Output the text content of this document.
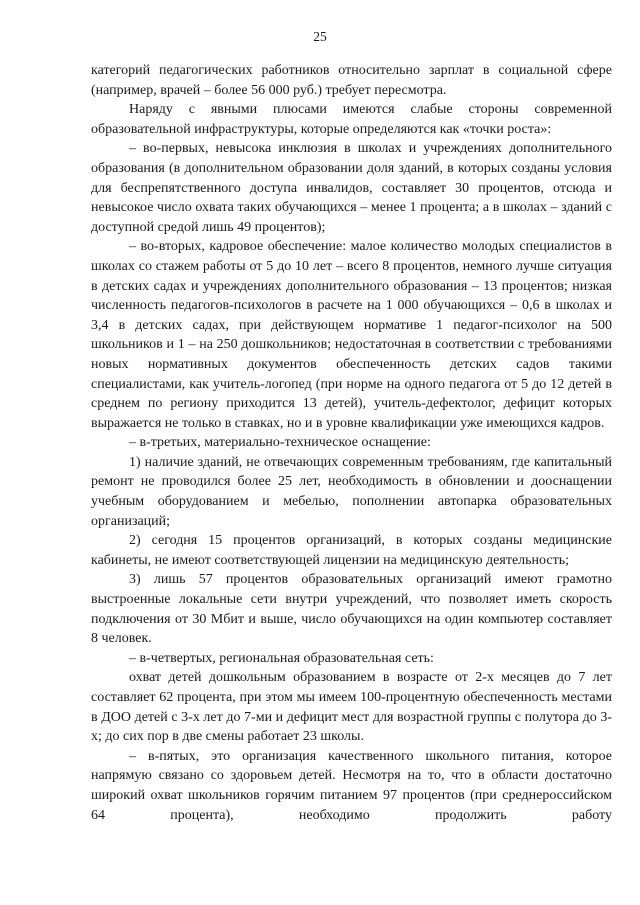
25

категорий педагогических работников относительно зарплат в социальной сфере (например, врачей – более 56 000 руб.) требует пересмотра.

Наряду с явными плюсами имеются слабые стороны современной образовательной инфраструктуры, которые определяются как «точки роста»:

– во-первых, невысока инклюзия в школах и учреждениях дополнительного образования (в дополнительном образовании доля зданий, в которых созданы условия для беспрепятственного доступа инвалидов, составляет 30 процентов, отсюда и невысокое число охвата таких обучающихся – менее 1 процента; а в школах – зданий с доступной средой лишь 49 процентов);

– во-вторых, кадровое обеспечение: малое количество молодых специалистов в школах со стажем работы от 5 до 10 лет – всего 8 процентов, немного лучше ситуация в детских садах и учреждениях дополнительного образования – 13 процентов; низкая численность педагогов-психологов в расчете на 1 000 обучающихся – 0,6 в школах и 3,4 в детских садах, при действующем нормативе 1 педагог-психолог на 500 школьников и 1 – на 250 дошкольников; недостаточная в соответствии с требованиями новых нормативных документов обеспеченность детских садов такими специалистами, как учитель-логопед (при норме на одного педагога от 5 до 12 детей в среднем по региону приходится 13 детей), учитель-дефектолог, дефицит которых выражается не только в ставках, но и в уровне квалификации уже имеющихся кадров.

– в-третьих, материально-техническое оснащение:

1) наличие зданий, не отвечающих современным требованиям, где капитальный ремонт не проводился более 25 лет, необходимость в обновлении и дооснащении учебным оборудованием и мебелью, пополнении автопарка образовательных организаций;

2) сегодня 15 процентов организаций, в которых созданы медицинские кабинеты, не имеют соответствующей лицензии на медицинскую деятельность;

3) лишь 57 процентов образовательных организаций имеют грамотно выстроенные локальные сети внутри учреждений, что позволяет иметь скорость подключения от 30 Мбит и выше, число обучающихся на один компьютер составляет 8 человек.

– в-четвертых, региональная образовательная сеть:

охват детей дошкольным образованием в возрасте от 2-х месяцев до 7 лет составляет 62 процента, при этом мы имеем 100-процентную обеспеченность местами в ДОО детей с 3-х лет до 7-ми и дефицит мест для возрастной группы с полутора до 3-х; до сих пор в две смены работает 23 школы.

– в-пятых, это организация качественного школьного питания, которое напрямую связано со здоровьем детей. Несмотря на то, что в области достаточно широкий охват школьников горячим питанием 97 процентов (при среднероссийском 64 процента), необходимо продолжить работу
